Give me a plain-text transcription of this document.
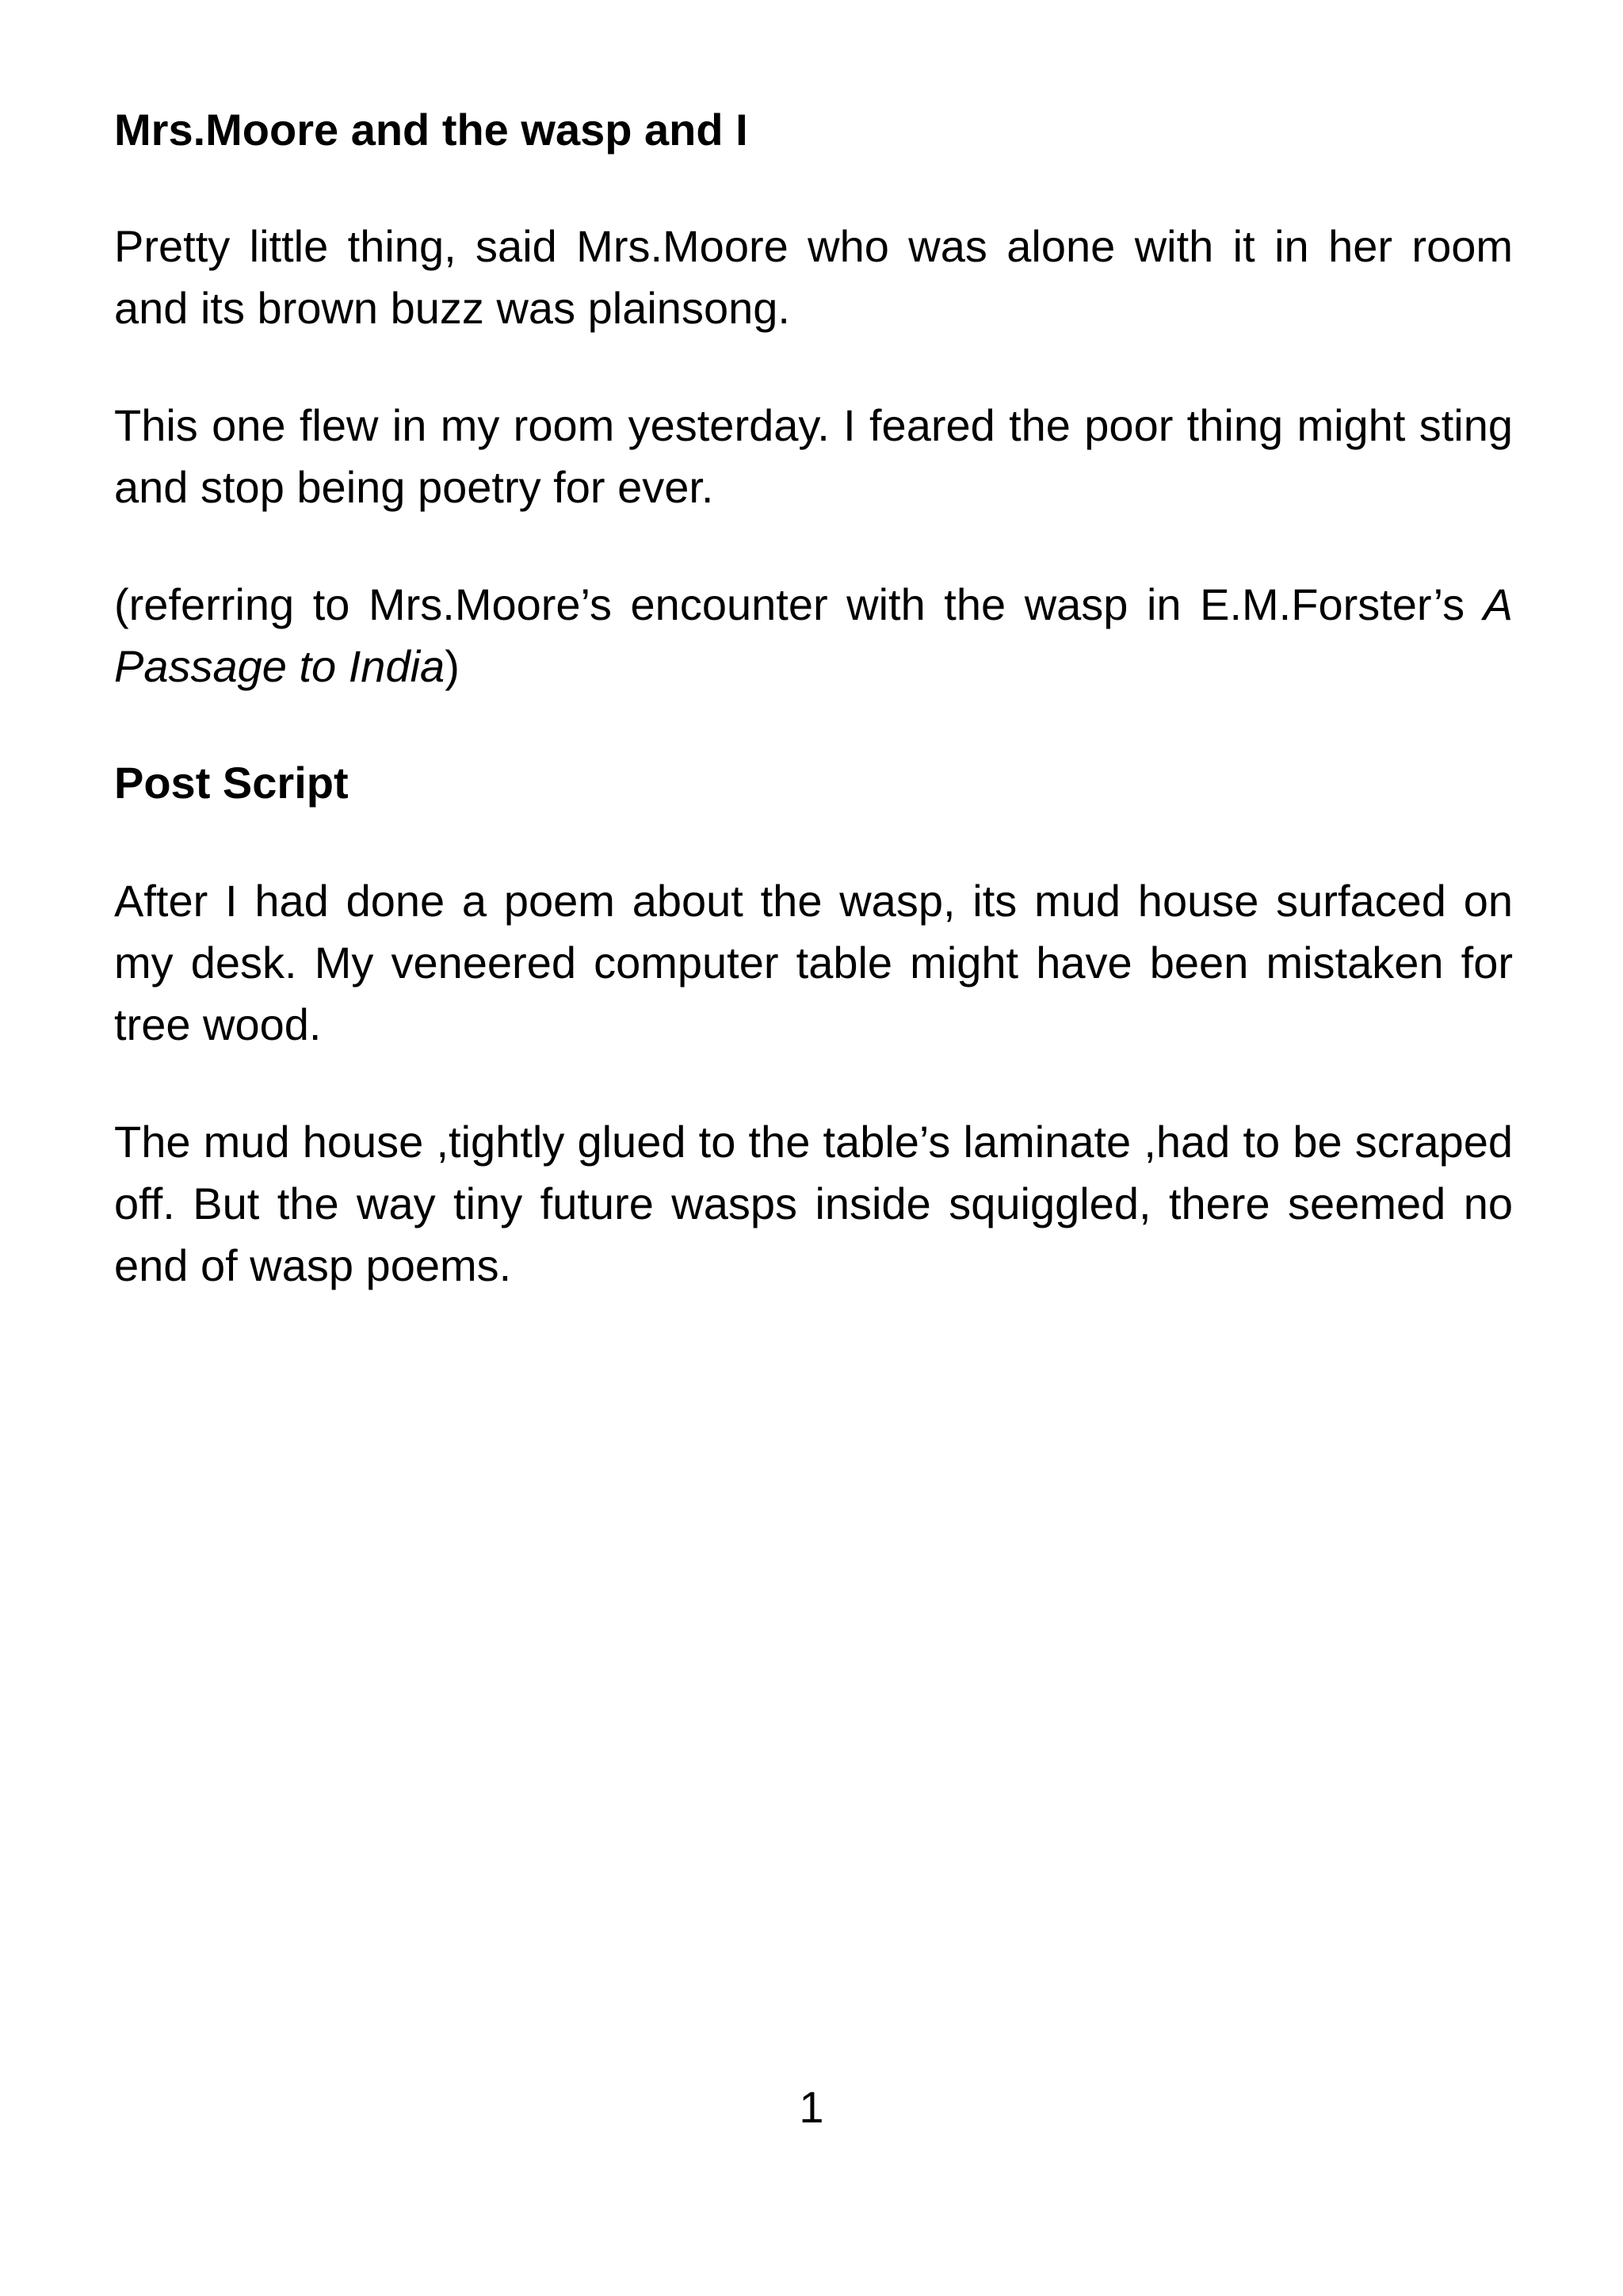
Mrs.Moore and the wasp and I

Pretty little thing, said Mrs.Moore who was alone with it in her room and its brown buzz was plainsong.

This one flew in my room yesterday. I feared the poor thing might sting and stop being poetry for ever.

(referring to Mrs.Moore’s encounter with the wasp in E.M.Forster’s A Passage to India)

Post Script

After I had done a poem about the wasp, its mud house surfaced on my desk. My veneered computer table might have been mistaken for tree wood.

The mud house ,tightly glued to the table’s laminate ,had to be scraped off. But the way tiny future wasps inside squiggled, there seemed no end of wasp poems.

1
